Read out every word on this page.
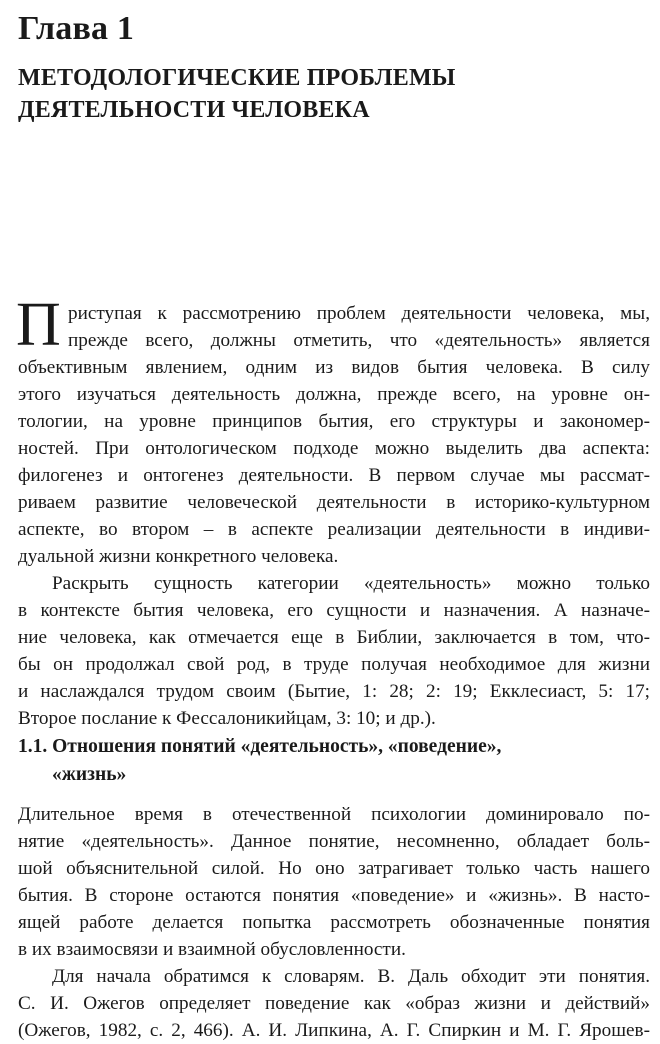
Глава 1
МЕТОДОЛОГИЧЕСКИЕ ПРОБЛЕМЫ
ДЕЯТЕЛЬНОСТИ ЧЕЛОВЕКА
П риступая к рассмотрению проблем деятельности человека, мы,
прежде всего, должны отметить, что «деятельность» является
объективным явлением, одним из видов бытия человека. В силу
этого изучаться деятельность должна, прежде всего, на уровне он-
тологии, на уровне принципов бытия, его структуры и закономер-
ностей. При онтологическом подходе можно выделить два аспекта:
филогенез и онтогенез деятельности. В первом случае мы рассмат-
риваем развитие человеческой деятельности в историко-культурном
аспекте, во втором – в аспекте реализации деятельности в индиви-
дуальной жизни конкретного человека.
Раскрыть сущность категории «деятельность» можно только
в контексте бытия человека, его сущности и назначения. А назначе-
ние человека, как отмечается еще в Библии, заключается в том, что-
бы он продолжал свой род, в труде получая необходимое для жизни
и наслаждался трудом своим (Бытие, 1: 28; 2: 19; Екклесиаст, 5: 17;
Второе послание к Фессалоникийцам, 3: 10; и др.).
1.1. Отношения понятий «деятельность», «поведение»,
«жизнь»
Длительное время в отечественной психологии доминировало по-
нятие «деятельность». Данное понятие, несомненно, обладает боль-
шой объяснительной силой. Но оно затрагивает только часть нашего
бытия. В стороне остаются понятия «поведение» и «жизнь». В насто-
ящей работе делается попытка рассмотреть обозначенные понятия
в их взаимосвязи и взаимной обусловленности.
Для начала обратимся к словарям. В. Даль обходит эти понятия.
С. И. Ожегов определяет поведение как «образ жизни и действий»
(Ожегов, 1982, с. 2, 466). А. И. Липкина, А. Г. Спиркин и М. Г. Ярошев-
